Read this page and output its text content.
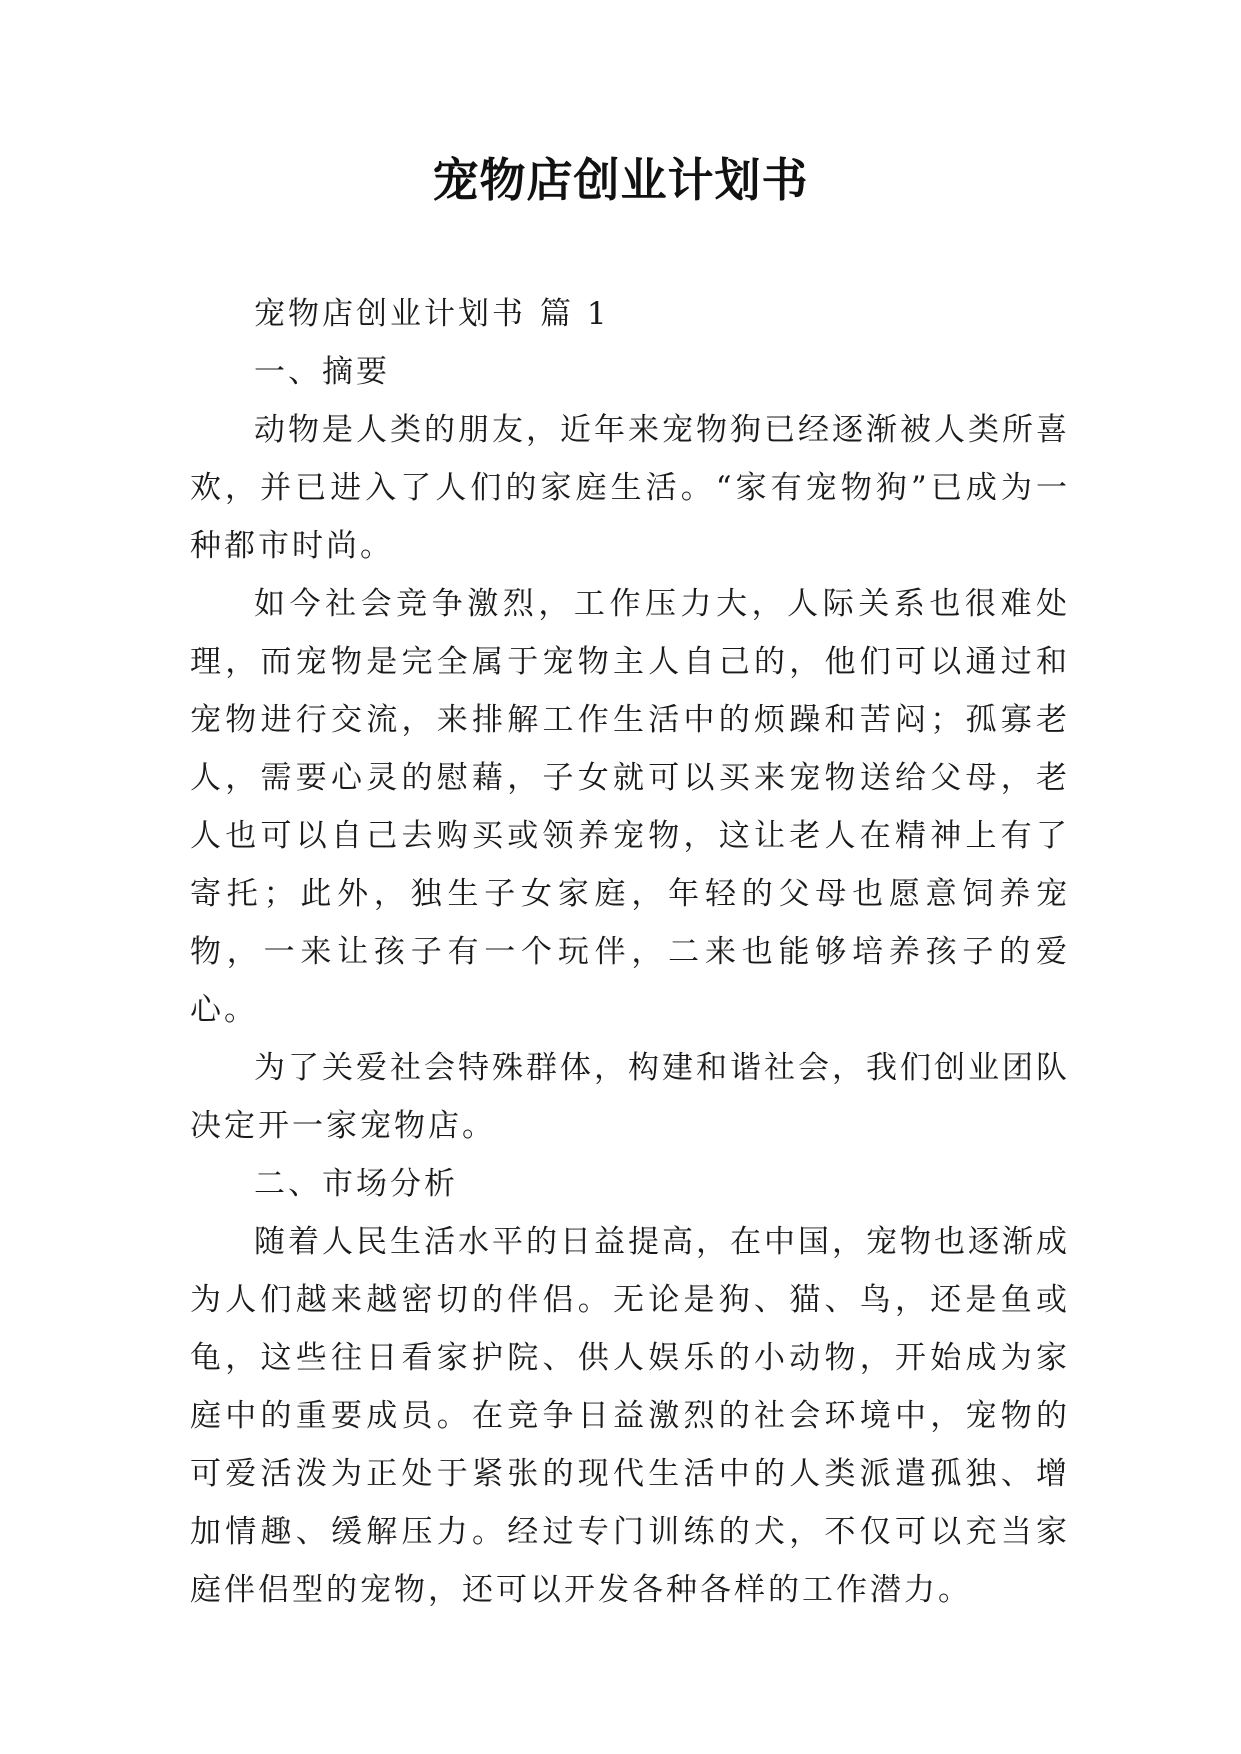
宠物店创业计划书

宠物店创业计划书 篇 1

一、摘要

动物是人类的朋友，近年来宠物狗已经逐渐被人类所喜欢，并已进入了人们的家庭生活。“家有宠物狗”已成为一种都市时尚。

如今社会竞争激烈，工作压力大，人际关系也很难处理，而宠物是完全属于宠物主人自己的，他们可以通过和宠物进行交流，来排解工作生活中的烦躁和苦闷；孤寡老人，需要心灵的慰藉，子女就可以买来宠物送给父母，老人也可以自己去购买或领养宠物，这让老人在精神上有了寄托；此外，独生子女家庭，年轻的父母也愿意饲养宠物，一来让孩子有一个玩伴，二来也能够培养孩子的爱心。

为了关爱社会特殊群体，构建和谐社会，我们创业团队决定开一家宠物店。

二、市场分析

随着人民生活水平的日益提高，在中国，宠物也逐渐成为人们越来越密切的伴侣。无论是狗、猫、鸟，还是鱼或龟，这些往日看家护院、供人娱乐的小动物，开始成为家庭中的重要成员。在竞争日益激烈的社会环境中，宠物的可爱活泼为正处于紧张的现代生活中的人类派遣孤独、增加情趣、缓解压力。经过专门训练的犬，不仅可以充当家庭伴侣型的宠物，还可以开发各种各样的工作潜力。
